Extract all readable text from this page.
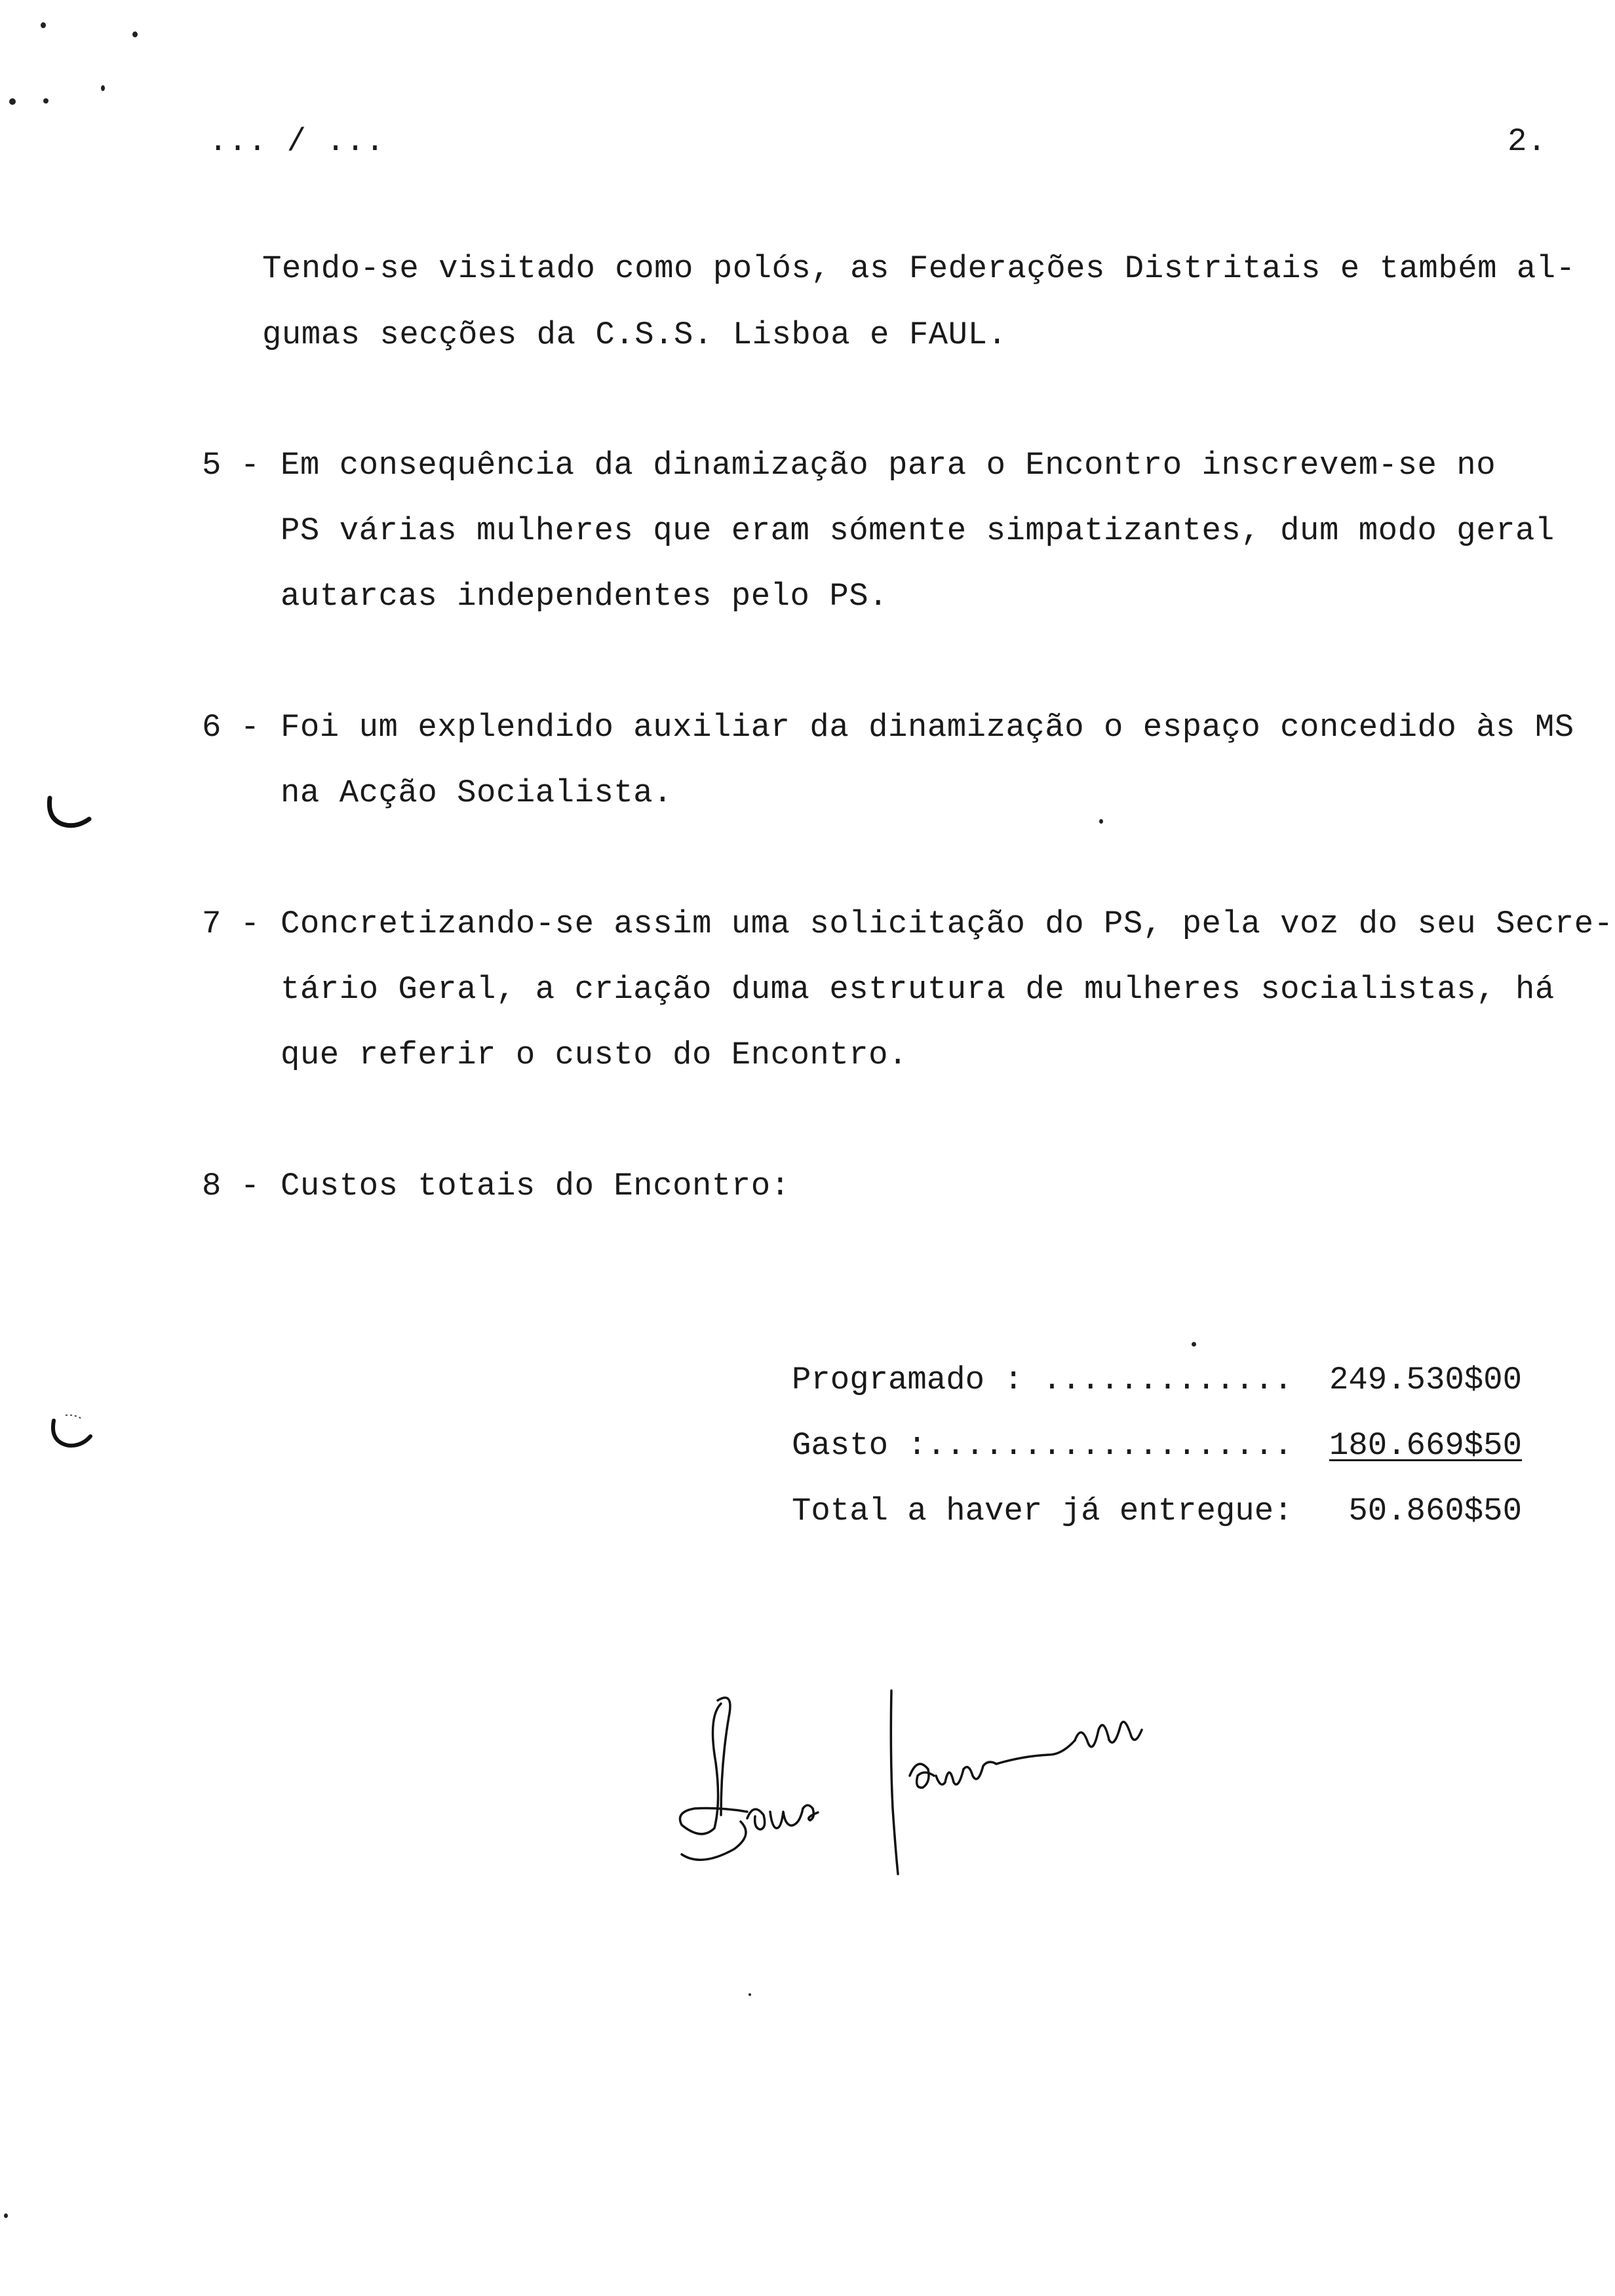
... / ...	2.
Tendo-se visitado como polós, as Federações Distritais e também al-
gumas secções da C.S.S. Lisboa e FAUL.
5 - Em consequência da dinamização para o Encontro inscrevem-se no
PS várias mulheres que eram sómente simpatizantes, dum modo geral
autarcas independentes pelo PS.
6 - Foi um explendido auxiliar da dinamização o espaço concedido às MS
na Acção Socialista.
7 - Concretizando-se assim uma solicitação do PS, pela voz do seu Secre-
tário Geral, a criação duma estrutura de mulheres socialistas, há
que referir o custo do Encontro.
8 - Custos totais do Encontro:
Programado : ............. 249.530$00
Gasto :................... 180.669$50
Total a haver já entregue: 50.860$50
